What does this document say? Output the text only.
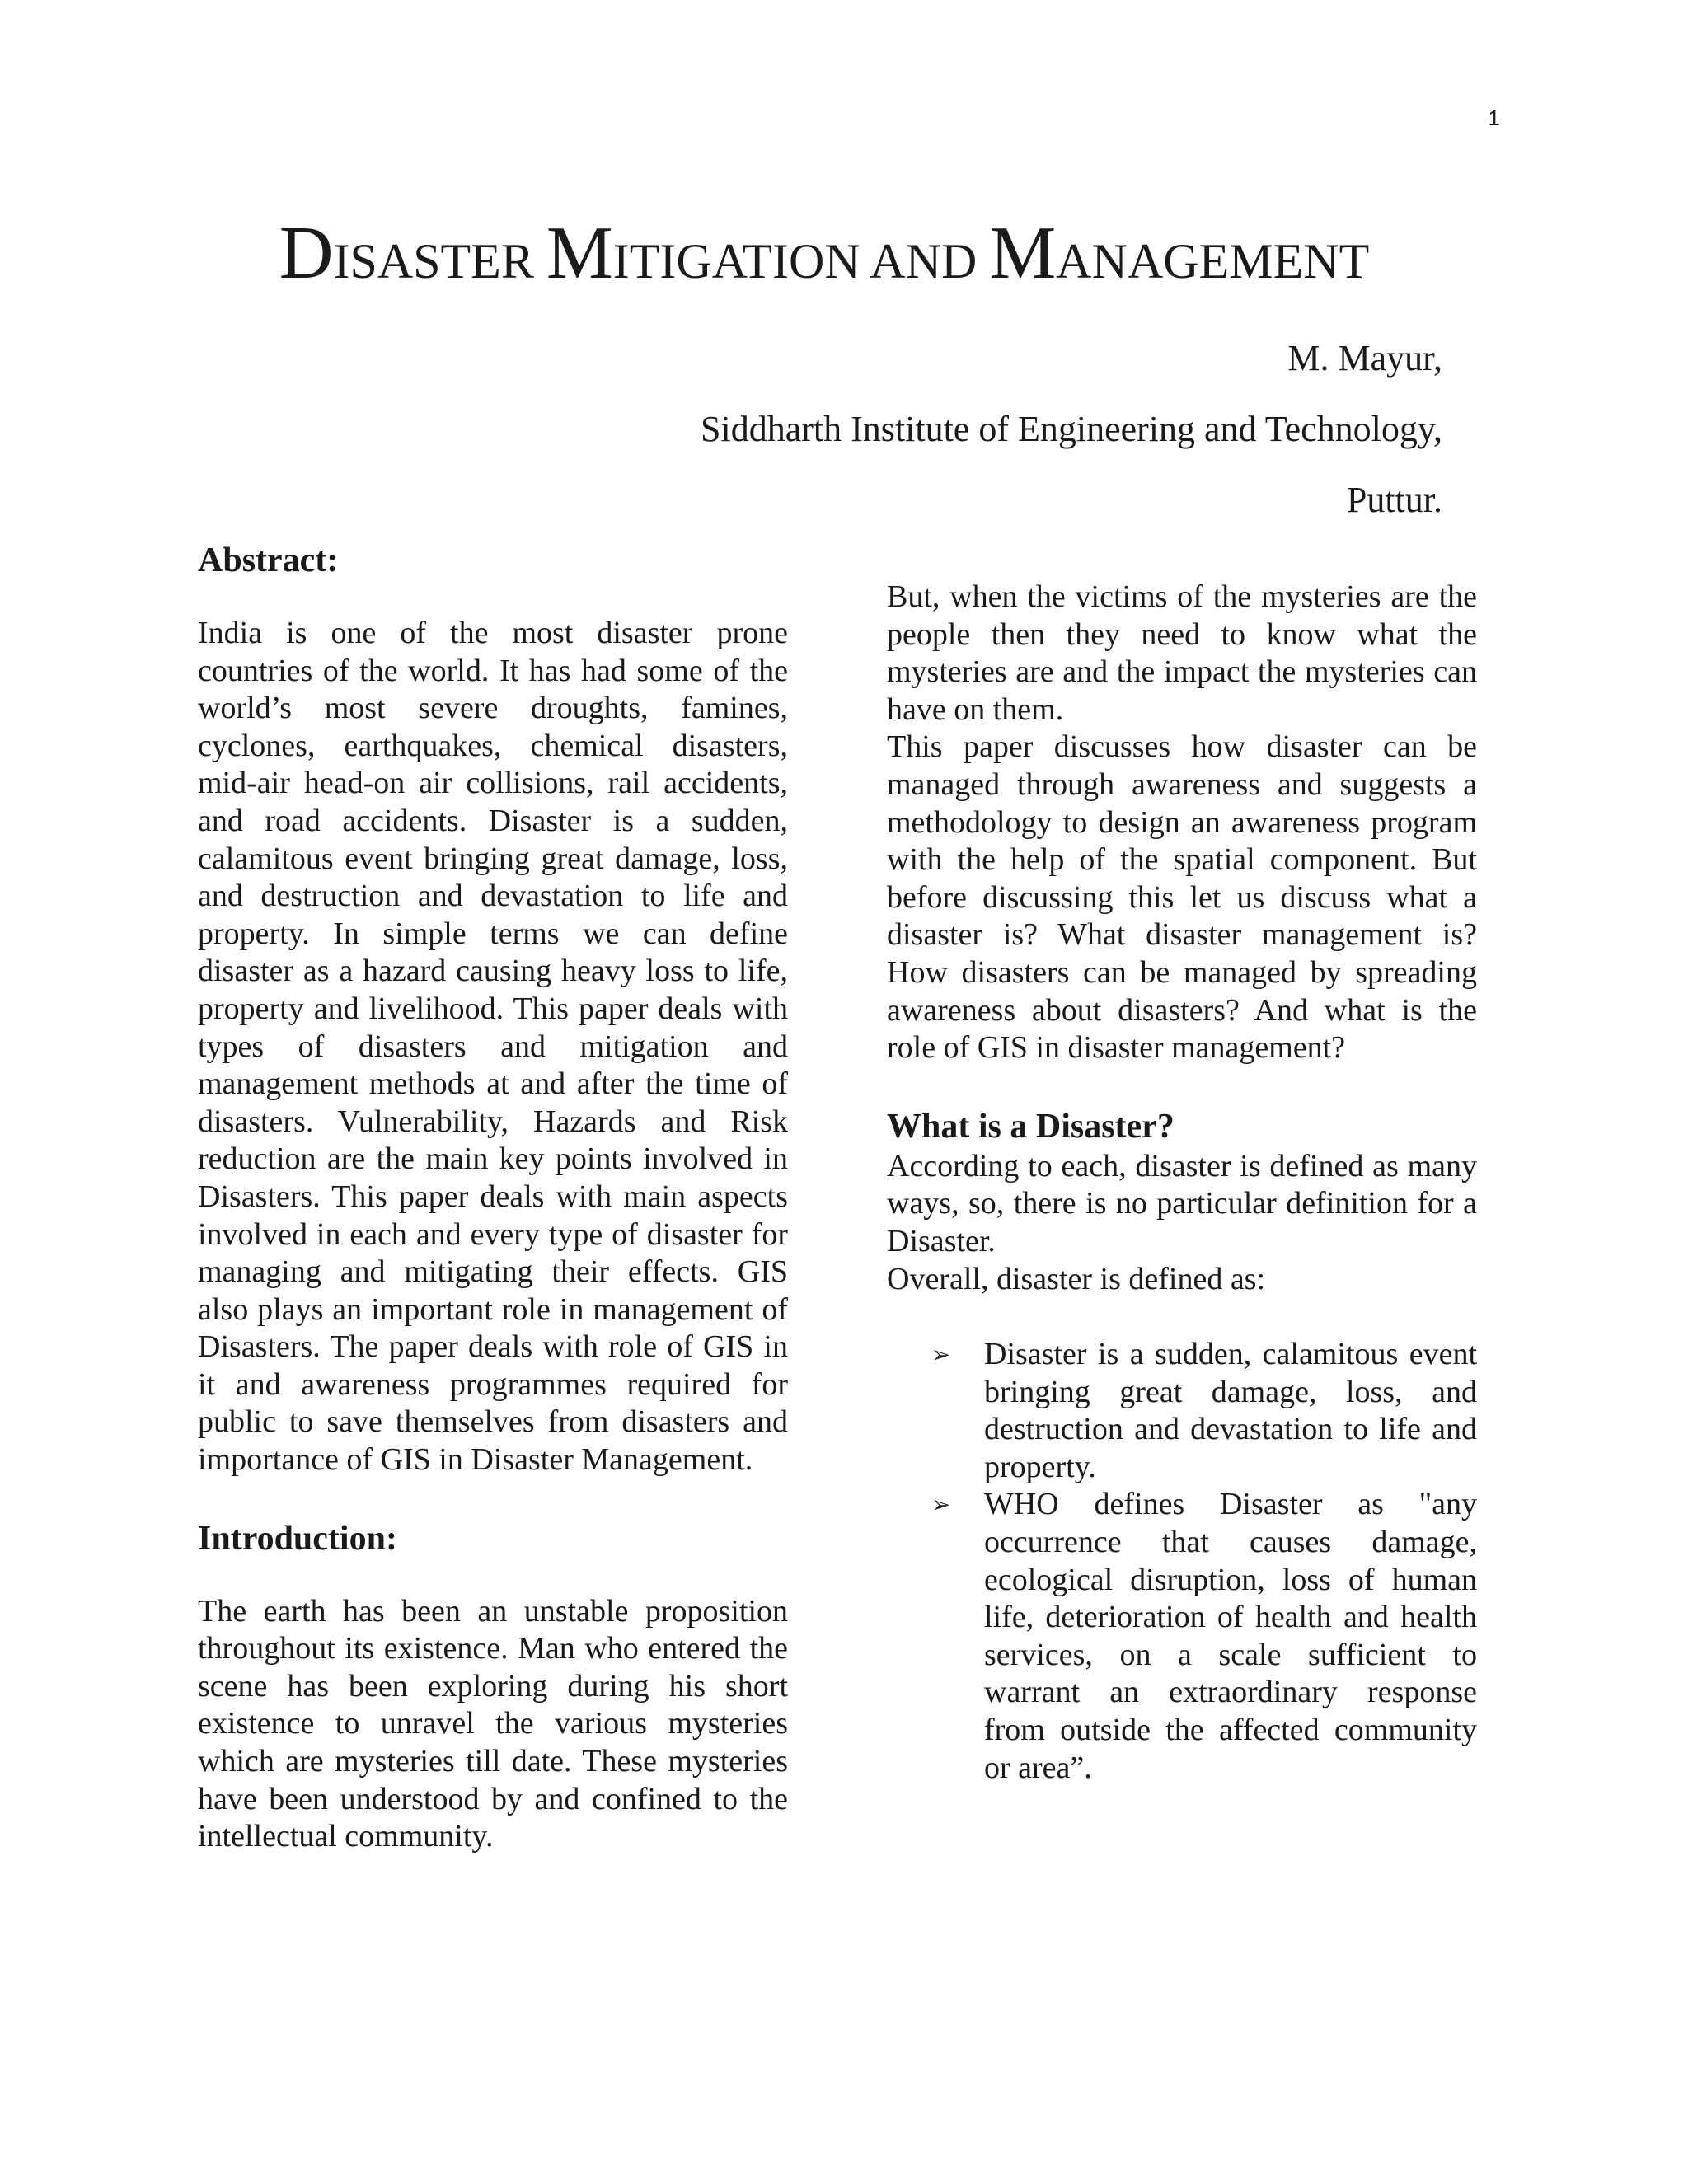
1
DISASTER MITIGATION AND MANAGEMENT
M. Mayur,
Siddharth Institute of Engineering and Technology,
Puttur.
Abstract:

India is one of the most disaster prone countries of the world. It has had some of the world’s most severe droughts, famines, cyclones, earthquakes, chemical disasters, mid-air head-on air collisions, rail accidents, and road accidents. Disaster is a sudden, calamitous event bringing great damage, loss, and destruction and devastation to life and property. In simple terms we can define disaster as a hazard causing heavy loss to life, property and livelihood. This paper deals with types of disasters and mitigation and management methods at and after the time of disasters. Vulnerability, Hazards and Risk reduction are the main key points involved in Disasters. This paper deals with main aspects involved in each and every type of disaster for managing and mitigating their effects. GIS also plays an important role in management of Disasters. The paper deals with role of GIS in it and awareness programmes required for public to save themselves from disasters and importance of GIS in Disaster Management.

Introduction:

The earth has been an unstable proposition throughout its existence. Man who entered the scene has been exploring during his short existence to unravel the various mysteries which are mysteries till date. These mysteries have been understood by and confined to the intellectual community.

But, when the victims of the mysteries are the people then they need to know what the mysteries are and the impact the mysteries can have on them.

This paper discusses how disaster can be managed through awareness and suggests a methodology to design an awareness program with the help of the spatial component. But before discussing this let us discuss what a disaster is? What disaster management is? How disasters can be managed by spreading awareness about disasters? And what is the role of GIS in disaster management?

What is a Disaster?

According to each, disaster is defined as many ways, so, there is no particular definition for a Disaster.

Overall, disaster is defined as:

➢ Disaster is a sudden, calamitous event bringing great damage, loss, and destruction and devastation to life and property.
➢ WHO defines Disaster as "any occurrence that causes damage, ecological disruption, loss of human life, deterioration of health and health services, on a scale sufficient to warrant an extraordinary response from outside the affected community or area”.
